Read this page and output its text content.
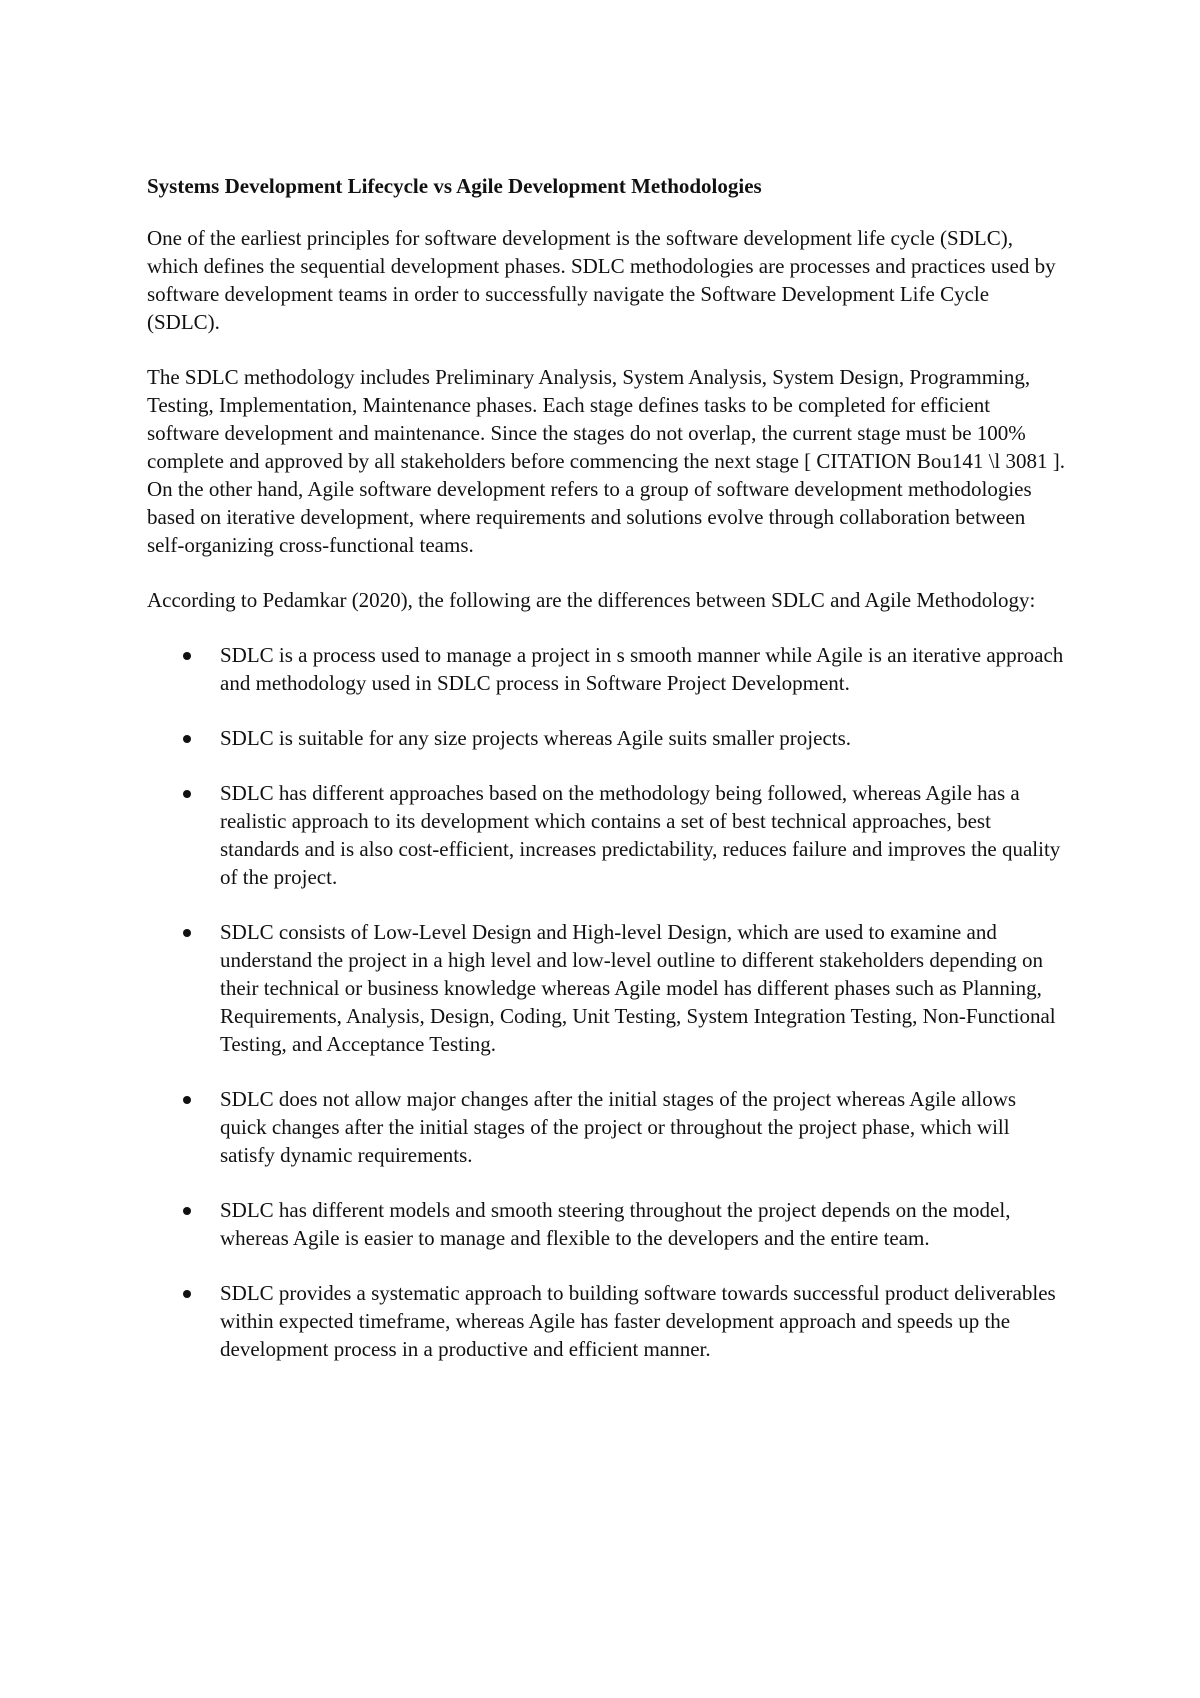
Systems Development Lifecycle vs Agile Development Methodologies

One of the earliest principles for software development is the software development life cycle (SDLC), which defines the sequential development phases. SDLC methodologies are processes and practices used by software development teams in order to successfully navigate the Software Development Life Cycle (SDLC).

The SDLC methodology includes Preliminary Analysis, System Analysis, System Design, Programming, Testing, Implementation, Maintenance phases. Each stage defines tasks to be completed for efficient software development and maintenance. Since the stages do not overlap, the current stage must be 100% complete and approved by all stakeholders before commencing the next stage [ CITATION Bou141 \l 3081 ]. On the other hand, Agile software development refers to a group of software development methodologies based on iterative development, where requirements and solutions evolve through collaboration between self-organizing cross-functional teams.

According to Pedamkar (2020), the following are the differences between SDLC and Agile Methodology:

SDLC is a process used to manage a project in s smooth manner while Agile is an iterative approach and methodology used in SDLC process in Software Project Development.
SDLC is suitable for any size projects whereas Agile suits smaller projects.
SDLC has different approaches based on the methodology being followed, whereas Agile has a realistic approach to its development which contains a set of best technical approaches, best standards and is also cost-efficient, increases predictability, reduces failure and improves the quality of the project.
SDLC consists of Low-Level Design and High-level Design, which are used to examine and understand the project in a high level and low-level outline to different stakeholders depending on their technical or business knowledge whereas Agile model has different phases such as Planning, Requirements, Analysis, Design, Coding, Unit Testing, System Integration Testing, Non-Functional Testing, and Acceptance Testing.
SDLC does not allow major changes after the initial stages of the project whereas Agile allows quick changes after the initial stages of the project or throughout the project phase, which will satisfy dynamic requirements.
SDLC has different models and smooth steering throughout the project depends on the model, whereas Agile is easier to manage and flexible to the developers and the entire team.
SDLC provides a systematic approach to building software towards successful product deliverables within expected timeframe, whereas Agile has faster development approach and speeds up the development process in a productive and efficient manner.
